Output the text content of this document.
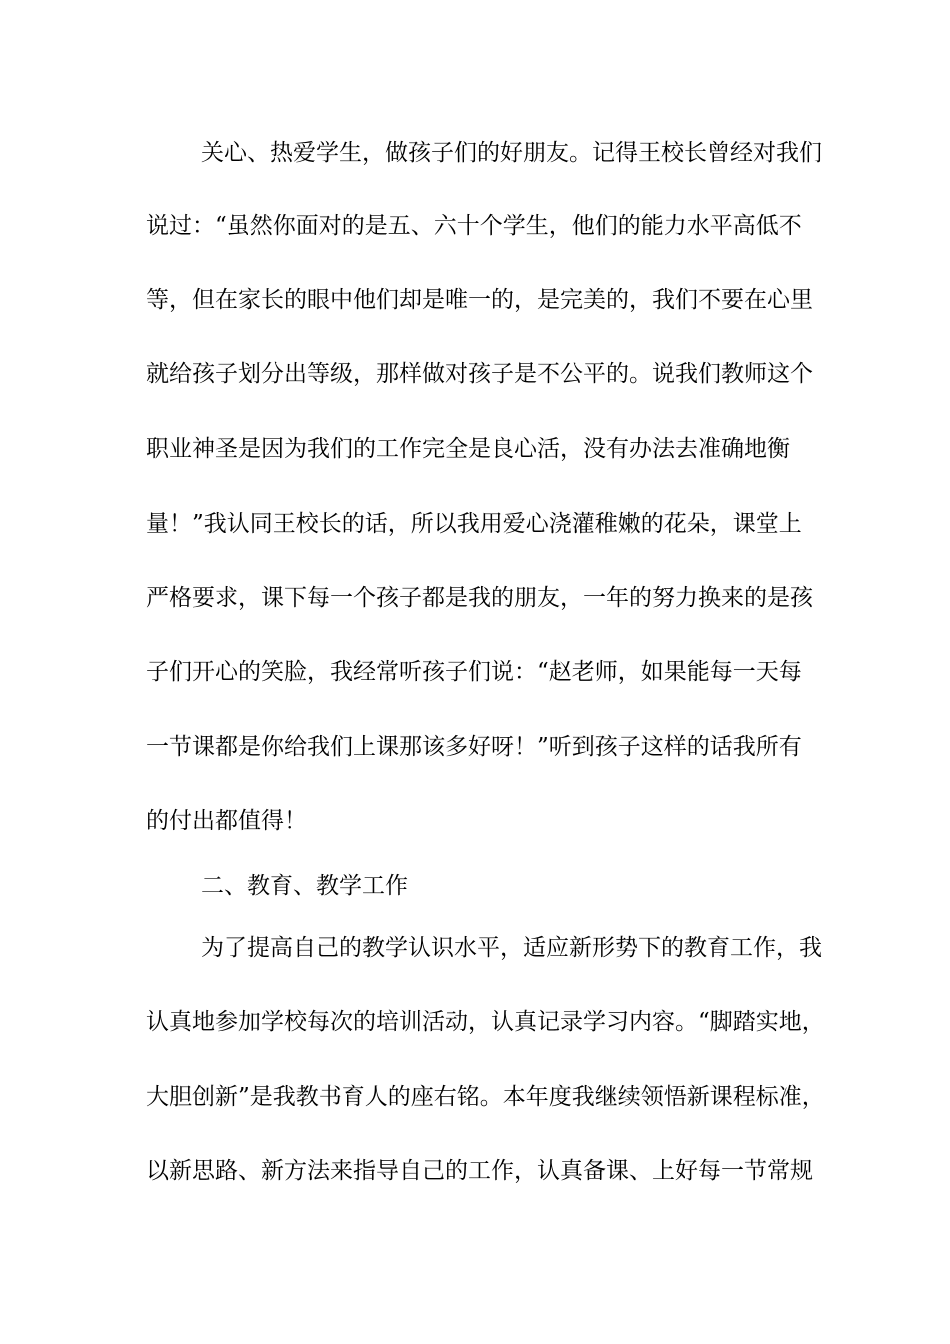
关心、热爱学生，做孩子们的好朋友。记得王校长曾经对我们
说过：“虽然你面对的是五、六十个学生，他们的能力水平高低不
等，但在家长的眼中他们却是唯一的，是完美的，我们不要在心里
就给孩子划分出等级，那样做对孩子是不公平的。说我们教师这个
职业神圣是因为我们的工作完全是良心活，没有办法去准确地衡
量！”我认同王校长的话，所以我用爱心浇灌稚嫩的花朵，课堂上
严格要求，课下每一个孩子都是我的朋友，一年的努力换来的是孩
子们开心的笑脸，我经常听孩子们说：“赵老师，如果能每一天每
一节课都是你给我们上课那该多好呀！”听到孩子这样的话我所有
的付出都值得！
二、教育、教学工作
为了提高自己的教学认识水平，适应新形势下的教育工作，我
认真地参加学校每次的培训活动，认真记录学习内容。“脚踏实地，
大胆创新”是我教书育人的座右铭。本年度我继续领悟新课程标准，
以新思路、新方法来指导自己的工作，认真备课、上好每一节常规
